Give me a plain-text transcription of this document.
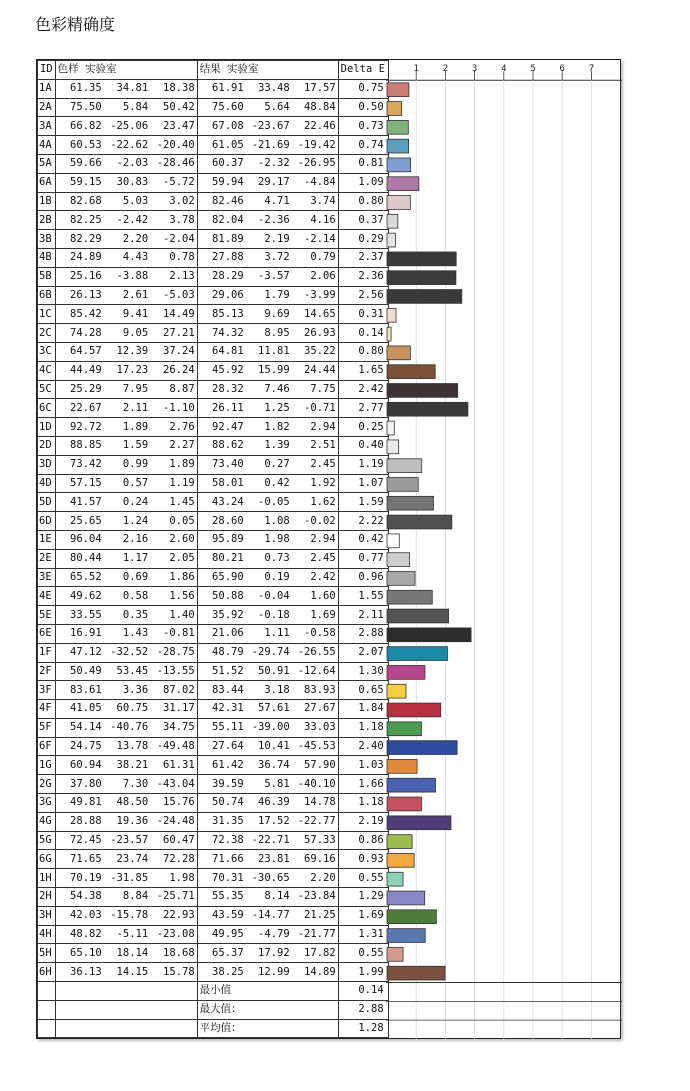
色彩精确度
ID	色样 实验室	结果 实验室	Delta E
1A	61.35 34.81 18.38	61.91 33.48 17.57	0.75
2A	75.50 5.84 50.42	75.60 5.64 48.84	0.50
3A	66.82 -25.06 23.47	67.08 -23.67 22.46	0.73
4A	60.53 -22.62 -20.40	61.05 -21.69 -19.42	0.74
5A	59.66 -2.03 -28.46	60.37 -2.32 -26.95	0.81
6A	59.15 30.83 -5.72	59.94 29.17 -4.84	1.09
1B	82.68 5.03 3.02	82.46 4.71 3.74	0.80
2B	82.25 -2.42 3.78	82.04 -2.36 4.16	0.37
3B	82.29 2.20 -2.04	81.89 2.19 -2.14	0.29
4B	24.89 4.43 0.78	27.88 3.72 0.79	2.37
5B	25.16 -3.88 2.13	28.29 -3.57 2.06	2.36
6B	26.13 2.61 -5.03	29.06 1.79 -3.99	2.56
1C	85.42 9.41 14.49	85.13 9.69 14.65	0.31
2C	74.28 9.05 27.21	74.32 8.95 26.93	0.14
3C	64.57 12.39 37.24	64.81 11.81 35.22	0.80
4C	44.49 17.23 26.24	45.92 15.99 24.44	1.65
5C	25.29 7.95 8.87	28.32 7.46 7.75	2.42
6C	22.67 2.11 -1.10	26.11 1.25 -0.71	2.77
1D	92.72 1.89 2.76	92.47 1.82 2.94	0.25
2D	88.85 1.59 2.27	88.62 1.39 2.51	0.40
3D	73.42 0.99 1.89	73.40 0.27 2.45	1.19
4D	57.15 0.57 1.19	58.01 0.42 1.92	1.07
5D	41.57 0.24 1.45	43.24 -0.05 1.62	1.59
6D	25.65 1.24 0.05	28.60 1.08 -0.02	2.22
1E	96.04 2.16 2.60	95.89 1.98 2.94	0.42
2E	80.44 1.17 2.05	80.21 0.73 2.45	0.77
3E	65.52 0.69 1.86	65.90 0.19 2.42	0.96
4E	49.62 0.58 1.56	50.88 -0.04 1.60	1.55
5E	33.55 0.35 1.40	35.92 -0.18 1.69	2.11
6E	16.91 1.43 -0.81	21.06 1.11 -0.58	2.88
1F	47.12 -32.52 -28.75	48.79 -29.74 -26.55	2.07
2F	50.49 53.45 -13.55	51.52 50.91 -12.64	1.30
3F	83.61 3.36 87.02	83.44 3.18 83.93	0.65
4F	41.05 60.75 31.17	42.31 57.61 27.67	1.84
5F	54.14 -40.76 34.75	55.11 -39.00 33.03	1.18
6F	24.75 13.78 -49.48	27.64 10.41 -45.53	2.40
1G	60.94 38.21 61.31	61.42 36.74 57.90	1.03
2G	37.80 7.30 -43.04	39.59 5.81 -40.10	1.66
3G	49.81 48.50 15.76	50.74 46.39 14.78	1.18
4G	28.88 19.36 -24.48	31.35 17.52 -22.77	2.19
5G	72.45 -23.57 60.47	72.38 -22.71 57.33	0.86
6G	71.65 23.74 72.28	71.66 23.81 69.16	0.93
1H	70.19 -31.85 1.98	70.31 -30.65 2.20	0.55
2H	54.38 8.84 -25.71	55.35 8.14 -23.84	1.29
3H	42.03 -15.78 22.93	43.59 -14.77 21.25	1.69
4H	48.82 -5.11 -23.08	49.95 -4.79 -21.77	1.31
5H	65.10 18.14 18.68	65.37 17.92 17.82	0.55
6H	36.13 14.15 15.78	38.25 12.99 14.89	1.99
		最小值	0.14
		最大值：	2.88
		平均值：	1.28
1	2	3	4	5	6	7
